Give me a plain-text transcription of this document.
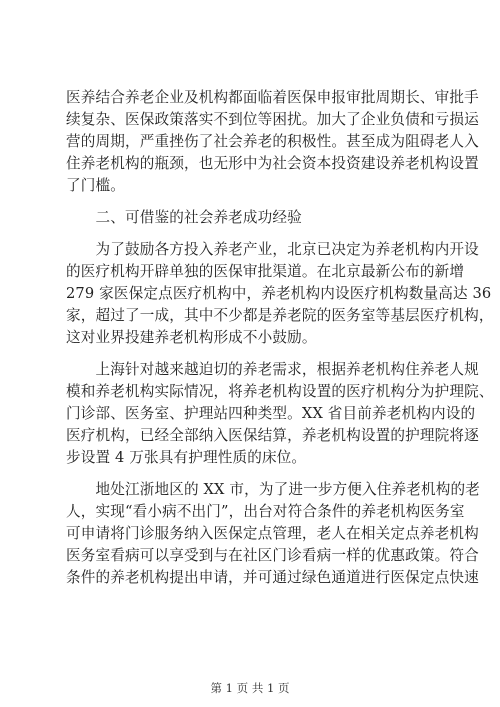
医养结合养老企业及机构都面临着医保申报审批周期长、审批手
续复杂、医保政策落实不到位等困扰。加大了企业负债和亏损运
营的周期，严重挫伤了社会养老的积极性。甚至成为阻碍老人入
住养老机构的瓶颈，也无形中为社会资本投资建设养老机构设置
了门槛。
　　二、可借鉴的社会养老成功经验
　　为了鼓励各方投入养老产业，北京已决定为养老机构内开设
的医疗机构开辟单独的医保审批渠道。在北京最新公布的新增
279 家医保定点医疗机构中，养老机构内设医疗机构数量高达 36
家，超过了一成，其中不少都是养老院的医务室等基层医疗机构，
这对业界投建养老机构形成不小鼓励。
　　上海针对越来越迫切的养老需求，根据养老机构住养老人规
模和养老机构实际情况，将养老机构设置的医疗机构分为护理院、
门诊部、医务室、护理站四种类型。XX 省目前养老机构内设的
医疗机构，已经全部纳入医保结算，养老机构设置的护理院将逐
步设置 4 万张具有护理性质的床位。
　　地处江浙地区的 XX 市，为了进一步方便入住养老机构的老
人，实现“看小病不出门”，出台对符合条件的养老机构医务室
可申请将门诊服务纳入医保定点管理，老人在相关定点养老机构
医务室看病可以享受到与在社区门诊看病一样的优惠政策。符合
条件的养老机构提出申请，并可通过绿色通道进行医保定点快速
第 1 页 共 1 页
